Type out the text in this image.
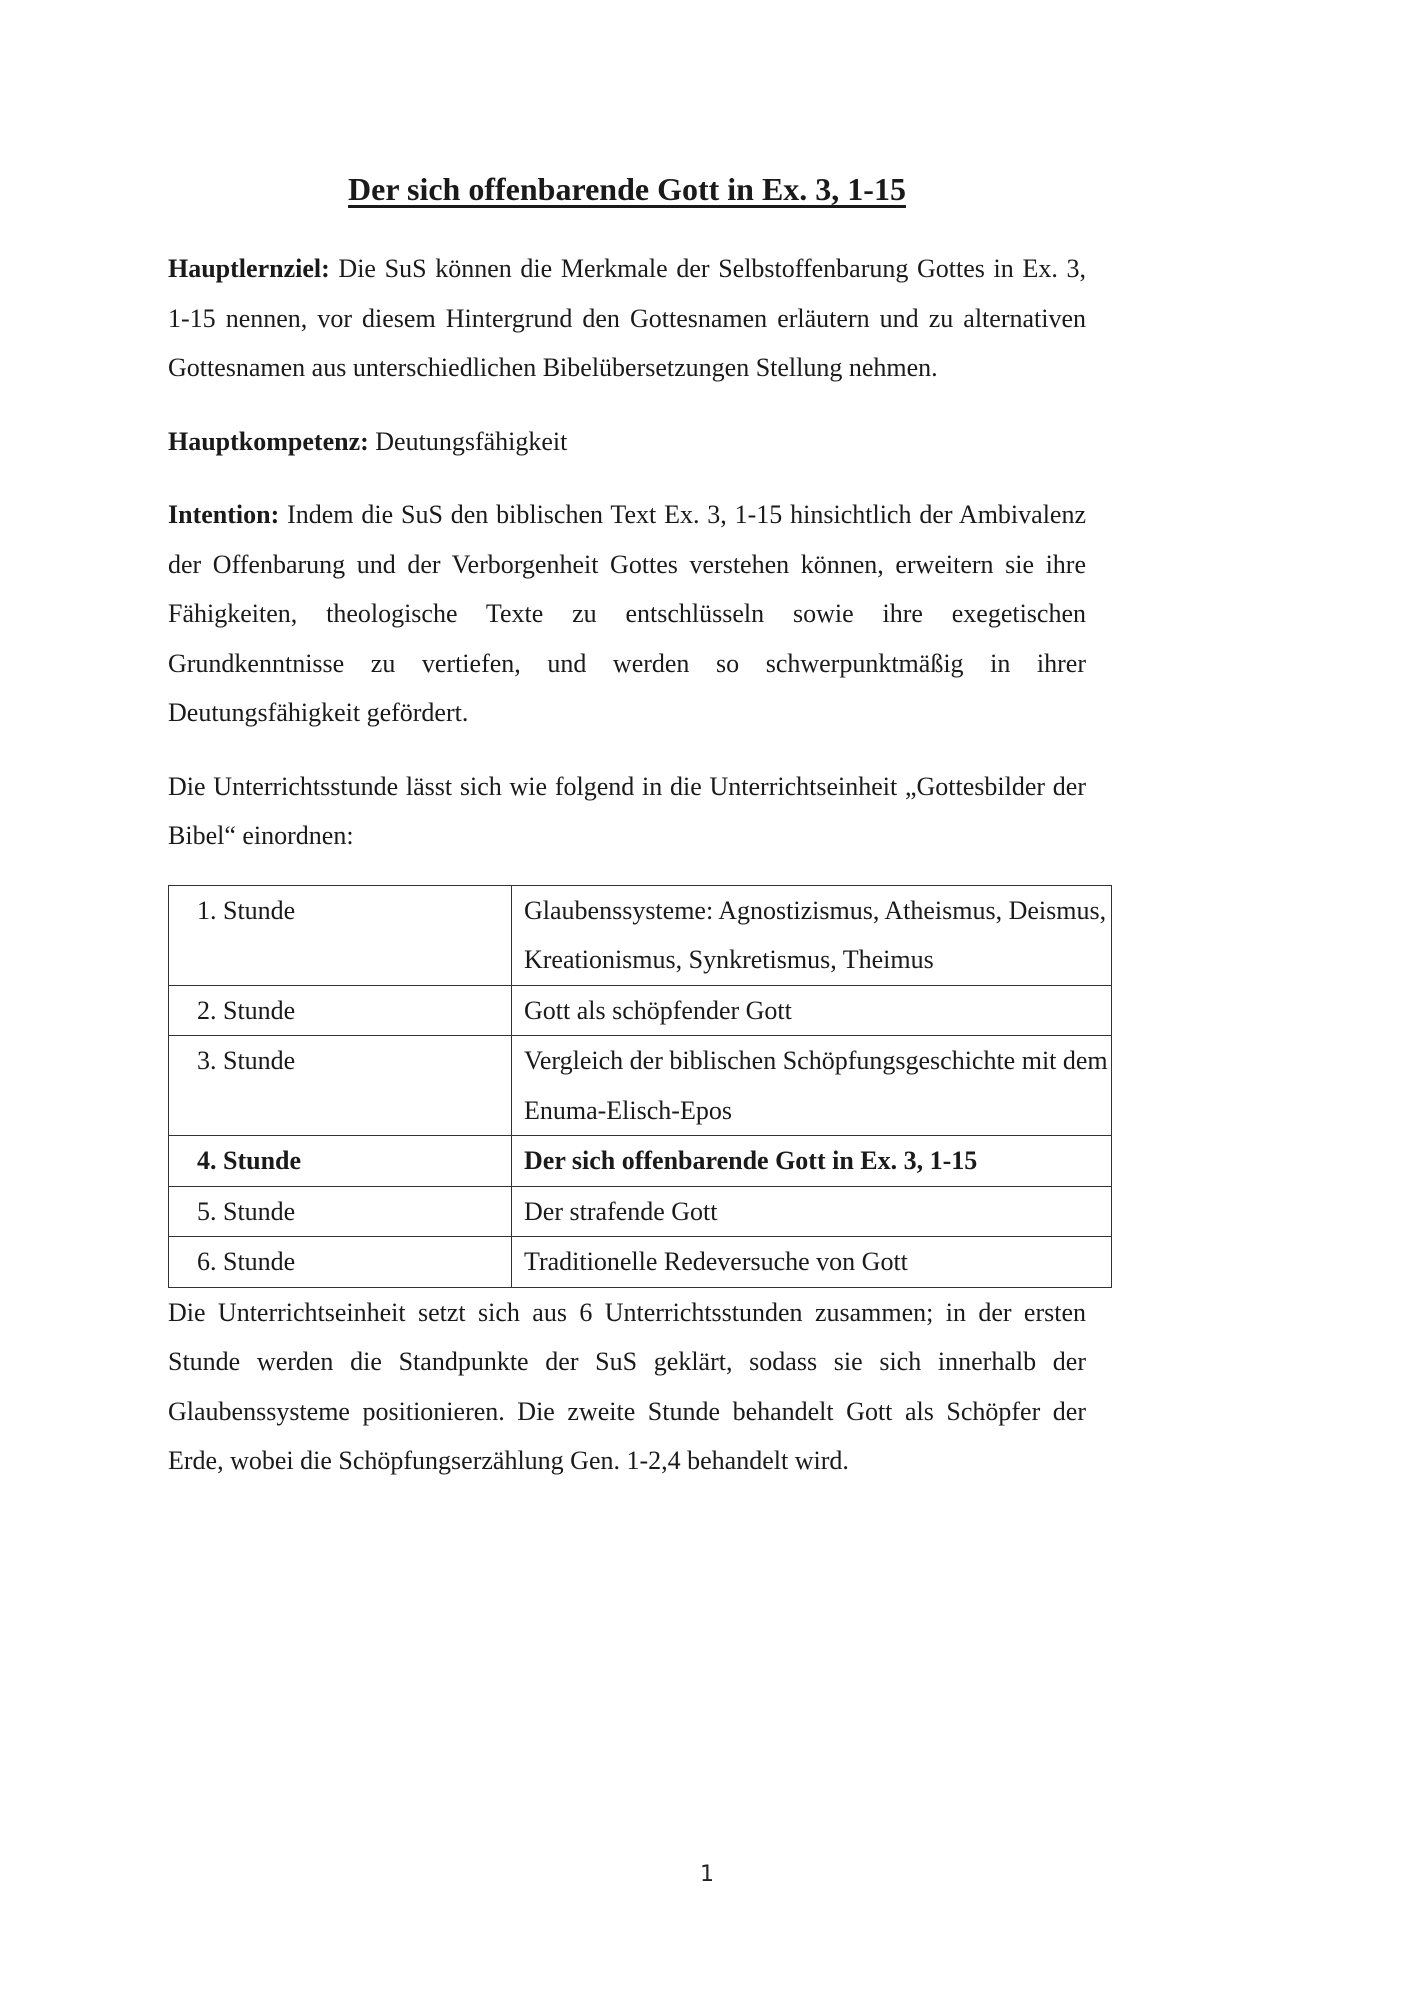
Der sich offenbarende Gott in Ex. 3, 1-15

Hauptlernziel: Die SuS können die Merkmale der Selbstoffenbarung Gottes in Ex. 3, 1-15 nennen, vor diesem Hintergrund den Gottesnamen erläutern und zu alternativen Gottesnamen aus unterschiedlichen Bibelübersetzungen Stellung nehmen.

Hauptkompetenz: Deutungsfähigkeit

Intention: Indem die SuS den biblischen Text Ex. 3, 1-15 hinsichtlich der Ambivalenz der Offenbarung und der Verborgenheit Gottes verstehen können, erweitern sie ihre Fähigkeiten, theologische Texte zu entschlüsseln sowie ihre exegetischen Grundkenntnisse zu vertiefen, und werden so schwerpunktmäßig in ihrer Deutungsfähigkeit gefördert.

Die Unterrichtsstunde lässt sich wie folgend in die Unterrichtseinheit „Gottesbilder der Bibel“ einordnen:

1. Stunde	Glaubenssysteme: Agnostizismus, Atheismus, Deismus, Kreationismus, Synkretismus, Theimus
2. Stunde	Gott als schöpfender Gott
3. Stunde	Vergleich der biblischen Schöpfungsgeschichte mit dem Enuma-Elisch-Epos
4. Stunde	Der sich offenbarende Gott in Ex. 3, 1-15
5. Stunde	Der strafende Gott
6. Stunde	Traditionelle Redeversuche von Gott

Die Unterrichtseinheit setzt sich aus 6 Unterrichtsstunden zusammen; in der ersten Stunde werden die Standpunkte der SuS geklärt, sodass sie sich innerhalb der Glaubenssysteme positionieren. Die zweite Stunde behandelt Gott als Schöpfer der Erde, wobei die Schöpfungserzählung Gen. 1-2,4 behandelt wird.

1
